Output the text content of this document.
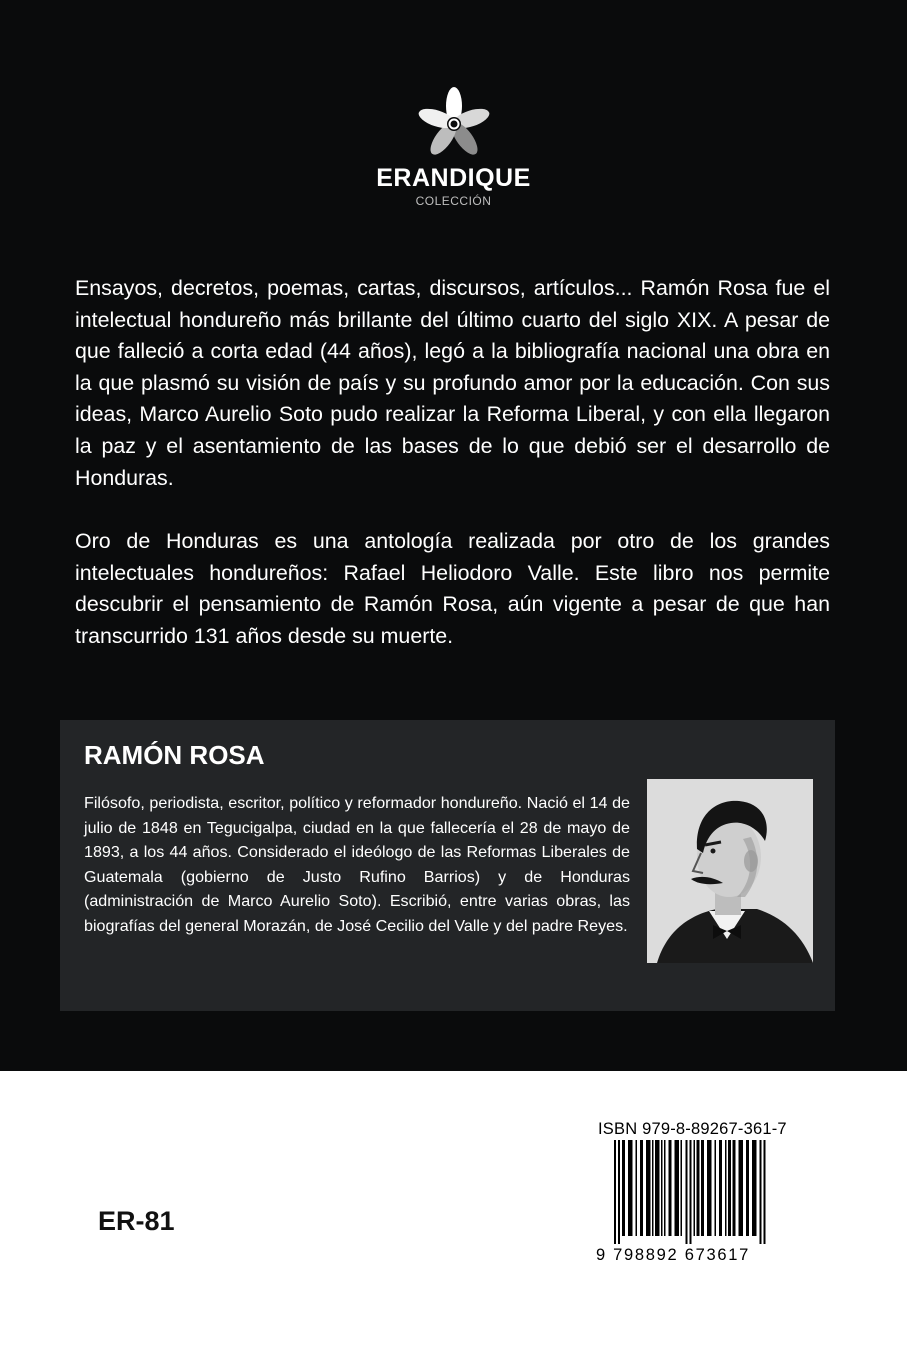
ERANDIQUE
COLECCIÓN

Ensayos, decretos, poemas, cartas, discursos, artículos... Ramón Rosa fue el intelectual hondureño más brillante del último cuarto del siglo XIX. A pesar de que falleció a corta edad (44 años), legó a la bibliografía nacional una obra en la que plasmó su visión de país y su profundo amor por la educación. Con sus ideas, Marco Aurelio Soto pudo realizar la Reforma Liberal, y con ella llegaron la paz y el asentamiento de las bases de lo que debió ser el desarrollo de Honduras.

Oro de Honduras es una antología realizada por otro de los grandes intelectuales hondureños: Rafael Heliodoro Valle. Este libro nos permite descubrir el pensamiento de Ramón Rosa, aún vigente a pesar de que han transcurrido 131 años desde su muerte.

RAMÓN ROSA

Filósofo, periodista, escritor, político y reformador hondureño. Nació el 14 de julio de 1848 en Tegucigalpa, ciudad en la que fallecería el 28 de mayo de 1893, a los 44 años. Considerado el ideólogo de las Reformas Liberales de Guatemala (gobierno de Justo Rufino Barrios) y de Honduras (administración de Marco Aurelio Soto). Escribió, entre varias obras, las biografías del general Morazán, de José Cecilio del Valle y del padre Reyes.

ER-81
ISBN 979-8-89267-361-7
9 798892 673617
